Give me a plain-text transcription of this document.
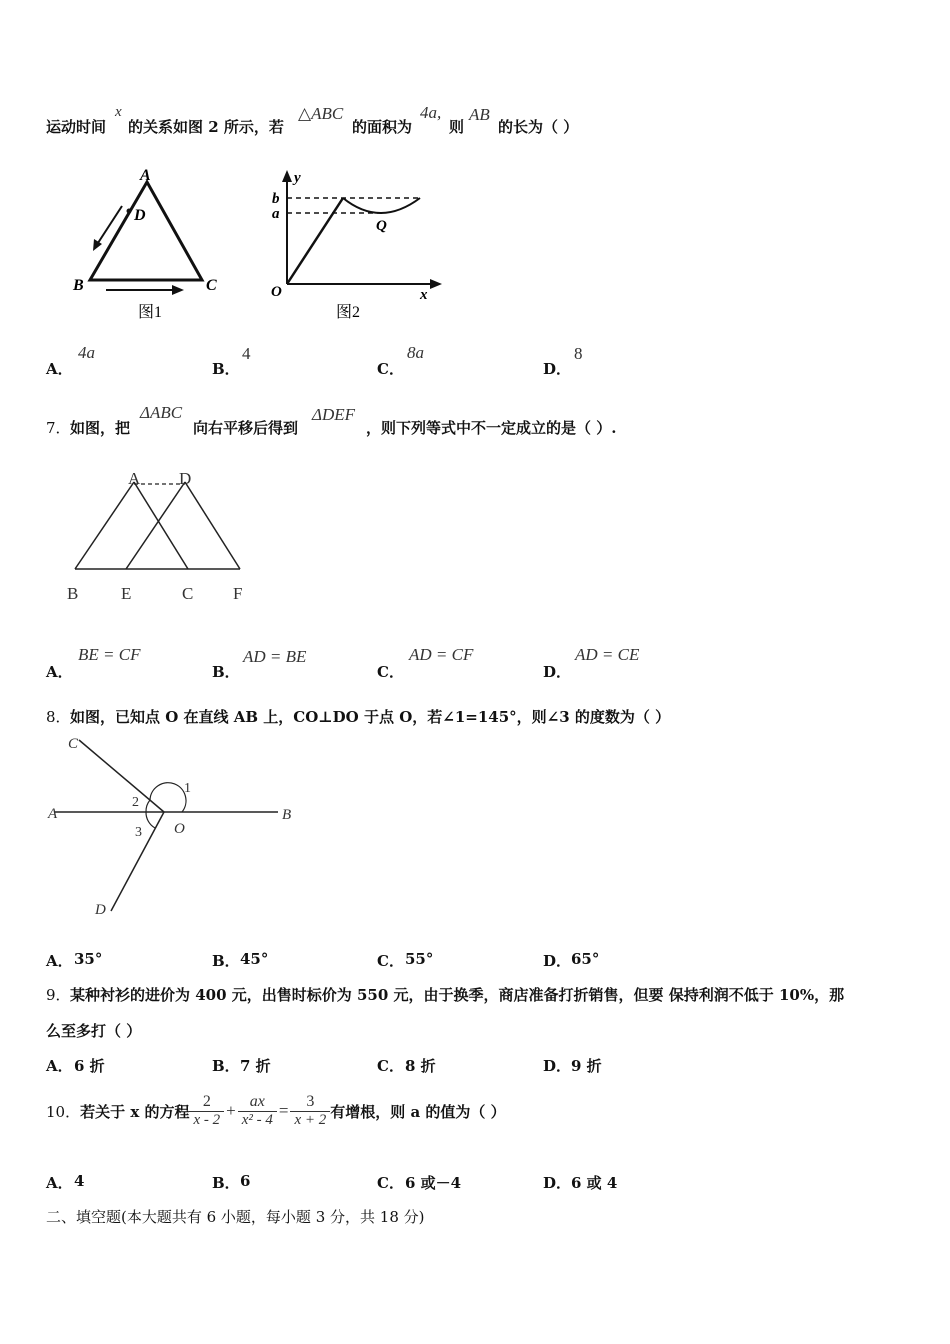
运动时间
x
的关系如图 2 所示，若
△ABC
的面积为
4a,
则
AB
的长为（ ）
A
D
B	C
图1
y
b
a
Q
O	x
图2
A．
4a
B．
4
C．
8a
D．
8
7． 如图，把
ΔABC
向右平移后得到
ΔDEF
，则下列等式中不一定成立的是（ ）.
A D
B	E	C F
A．
BE = CF
B．
AD = BE
C．
AD = CF
D．
AD = CE
8． 如图，已知点 O 在直线 AB 上，CO⊥DO 于点 O，若∠1=145°，则∠3 的度数为（ ）
C
1
2
A
O
B
3
D
A． 35°	B． 45°	C． 55°	D． 65°
9． 某种衬衫的进价为 400 元，出售时标价为 550 元，由于换季，商店准备打折销售，但要 保持利润不低于 10%，那
么至多打（ ）
A． 6 折	B． 7 折	C． 8 折	D． 9 折
10． 若关于 x 的方程 $\frac{2}{x - 2} + \frac{ax}{\text{x² - 4}} = \frac{3}{x + 2}$ 有增根，则 a 的值为（ ）
A． 4	B． 6	C． 6 或－4	D． 6 或 4
二、填空题(本大题共有 6 小题，每小题 3 分，共 18 分)
